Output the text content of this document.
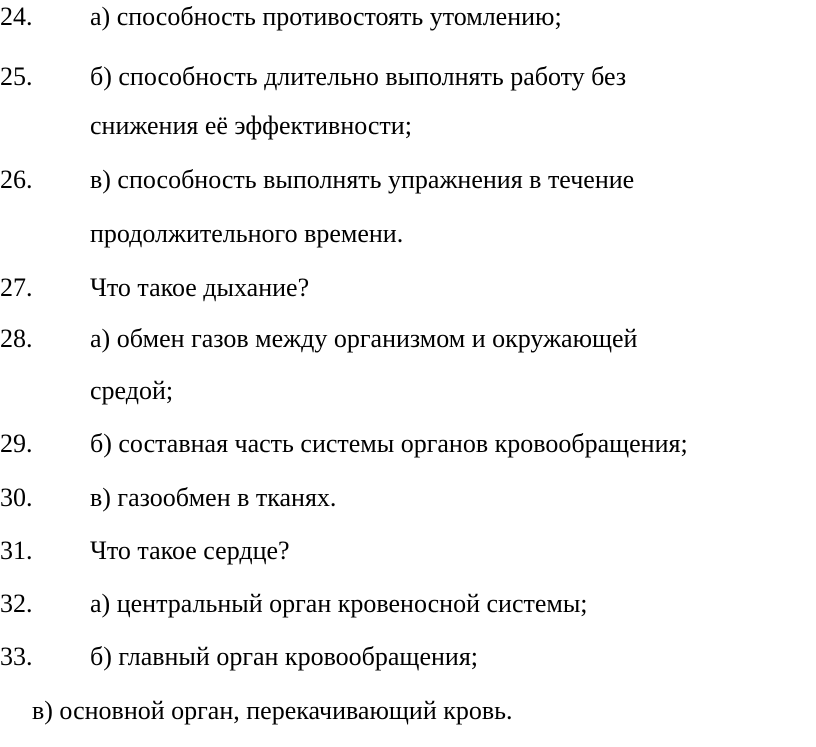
24. а) способность противостоять утомлению;
25. б) способность длительно выполнять работу без
снижения её эффективности;
26. в) способность выполнять упражнения в течение
продолжительного времени.
27. Что такое дыхание?
28. а) обмен газов между организмом и окружающей
средой;
29. б) составная часть системы органов кровообращения;
30. в) газообмен в тканях.
31. Что такое сердце?
32. а) центральный орган кровеносной системы;
33. б) главный орган кровообращения;
в) основной орган, перекачивающий кровь.
